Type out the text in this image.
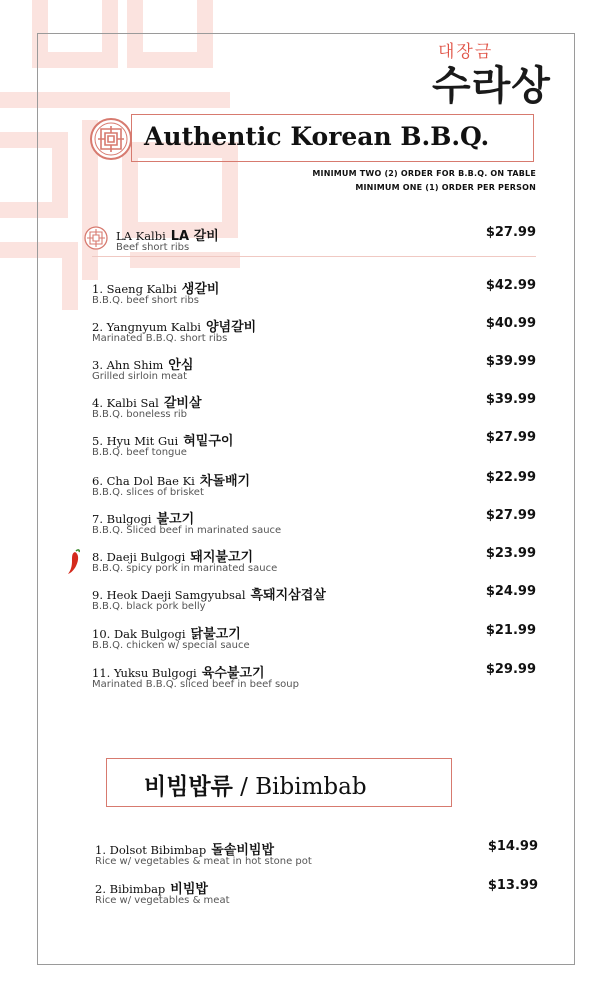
대장금
수라상
Authentic Korean B.B.Q.
MINIMUM TWO (2) ORDER FOR B.B.Q. ON TABLE
MINIMUM ONE (1) ORDER PER PERSON
LA Kalbi LA 갈비
Beef short ribs
$27.99
1. Saeng Kalbi 생갈비
B.B.Q. beef short ribs
$42.99
2. Yangnyum Kalbi 양념갈비
Marinated B.B.Q. short ribs
$40.99
3. Ahn Shim 안심
Grilled sirloin meat
$39.99
4. Kalbi Sal 갈비살
B.B.Q. boneless rib
$39.99
5. Hyu Mit Gui 혀밑구이
B.B.Q. beef tongue
$27.99
6. Cha Dol Bae Ki 차돌배기
B.B.Q. slices of brisket
$22.99
7. Bulgogi 불고기
B.B.Q. Sliced beef in marinated sauce
$27.99
8. Daeji Bulgogi 돼지불고기
B.B.Q. spicy pork in marinated sauce
$23.99
9. Heok Daeji Samgyubsal 흑돼지삼겹살
B.B.Q. black pork belly
$24.99
10. Dak Bulgogi 닭불고기
B.B.Q. chicken w/ special sauce
$21.99
11. Yuksu Bulgogi 육수불고기
Marinated B.B.Q. sliced beef in beef soup
$29.99
비빔밥류 / Bibimbab
1. Dolsot Bibimbap 돌솥비빔밥
Rice w/ vegetables & meat in hot stone pot
$14.99
2. Bibimbap 비빔밥
Rice w/ vegetables & meat
$13.99
